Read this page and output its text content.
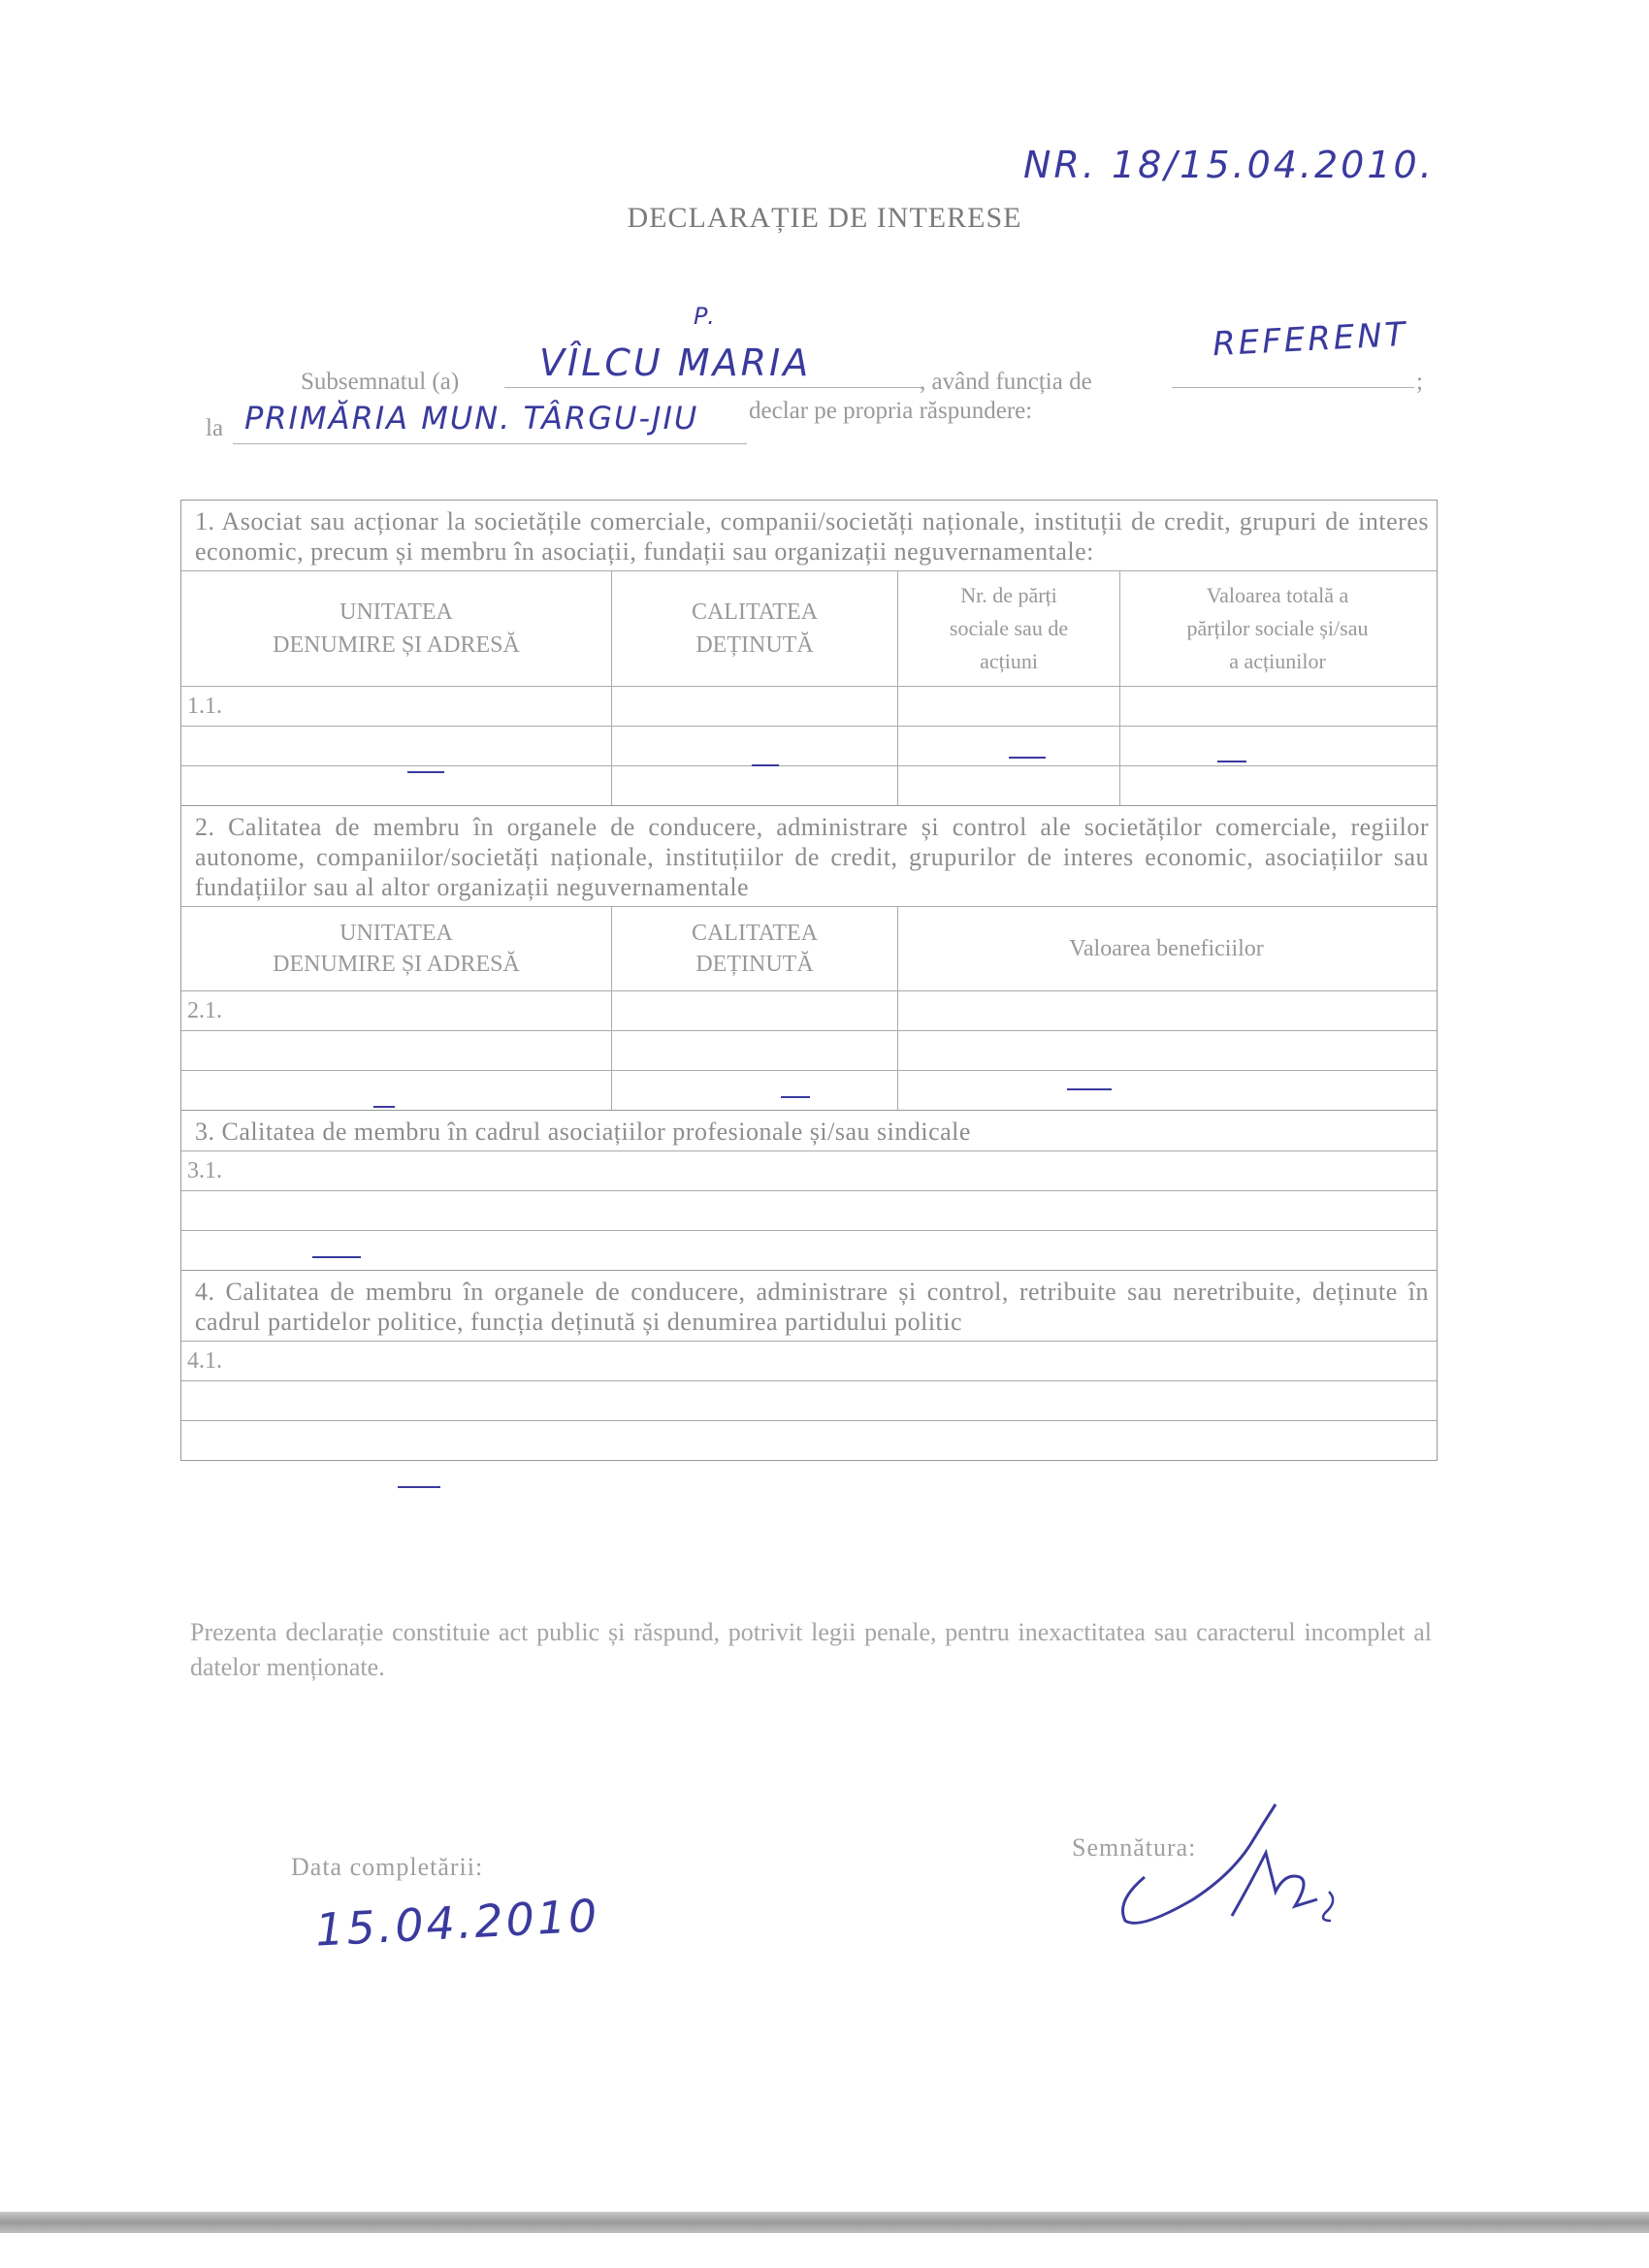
NR. 18/15.04.2010.
DECLARAȚIE DE INTERESE
Subsemnatul (a)
P.
VÎLCU MARIA	, având funcția de
REFERENT
;
la PRIMĂRIA MUN. TÂRGU-JIU declar pe propria răspundere:
1. Asociat sau acționar la societățile comerciale, companii/societăți naționale, instituții de credit, grupuri de interes economic, precum și membru în asociații, fundații sau organizații neguvernamentale:
UNITATEA
DENUMIRE ȘI ADRESĂ
CALITATEA
DEȚINUTĂ
Nr. de părți
sociale sau de
acțiuni
Valoarea totală a
părților sociale și/sau
a acțiunilor
1.1.
2. Calitatea de membru în organele de conducere, administrare și control ale societăților comerciale, regiilor autonome, companiilor/societăți naționale, instituțiilor de credit, grupurilor de interes economic, asociațiilor sau fundațiilor sau al altor organizații neguvernamentale
UNITATEA
DENUMIRE ȘI ADRESĂ
CALITATEA
DEȚINUTĂ
Valoarea beneficiilor
2.1.
3. Calitatea de membru în cadrul asociațiilor profesionale și/sau sindicale
3.1.
4. Calitatea de membru în organele de conducere, administrare și control, retribuite sau neretribuite, deținute în cadrul partidelor politice, funcția deținută și denumirea partidului politic
4.1.
Prezenta declarație constituie act public și răspund, potrivit legii penale, pentru inexactitatea sau caracterul incomplet al datelor menționate.
Data completării:
15.04.2010
Semnătura:
